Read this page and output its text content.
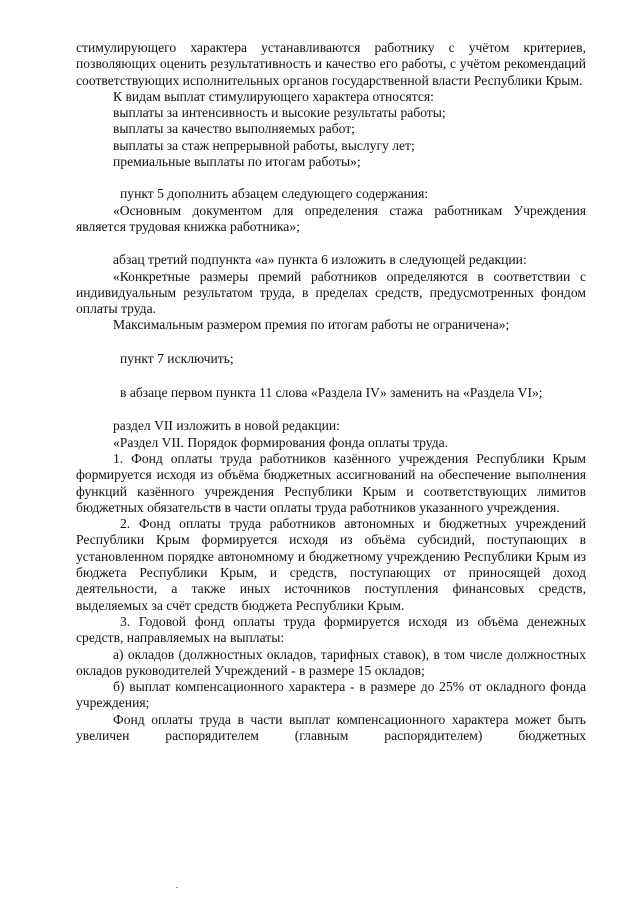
стимулирующего характера устанавливаются работнику с учётом критериев, позволяющих оценить результативность и качество его работы, с учётом рекомендаций соответствующих исполнительных органов государственной власти Республики Крым.

К видам выплат стимулирующего характера относятся:

выплаты за интенсивность и высокие результаты работы;

выплаты за качество выполняемых работ;

выплаты за стаж непрерывной работы, выслугу лет;

премиальные выплаты по итогам работы»;

пункт 5 дополнить абзацем следующего содержания:

«Основным документом для определения стажа работникам Учреждения является трудовая книжка работника»;

абзац третий подпункта «а» пункта 6 изложить в следующей редакции:

«Конкретные размеры премий работников определяются в соответствии с индивидуальным результатом труда, в пределах средств, предусмотренных фондом оплаты труда.

Максимальным размером премия по итогам работы не ограничена»;

пункт 7 исключить;

в абзаце первом пункта 11 слова «Раздела IV» заменить на «Раздела VI»;

раздел VII изложить в новой редакции:

«Раздел VII. Порядок формирования фонда оплаты труда.

1. Фонд оплаты труда работников казённого учреждения Республики Крым формируется исходя из объёма бюджетных ассигнований на обеспечение выполнения функций казённого учреждения Республики Крым и соответствующих лимитов бюджетных обязательств в части оплаты труда работников указанного учреждения.

2. Фонд оплаты труда работников автономных и бюджетных учреждений Республики Крым формируется исходя из объёма субсидий, поступающих в установленном порядке автономному и бюджетному учреждению Республики Крым из бюджета Республики Крым, и средств, поступающих от приносящей доход деятельности, а также иных источников поступления финансовых средств, выделяемых за счёт средств бюджета Республики Крым.

3. Годовой фонд оплаты труда формируется исходя из объёма денежных средств, направляемых на выплаты:

а) окладов (должностных окладов, тарифных ставок), в том числе должностных окладов руководителей Учреждений - в размере 15 окладов;

б) выплат компенсационного характера - в размере до 25% от окладного фонда учреждения;

Фонд оплаты труда в части выплат компенсационного характера может быть увеличен распорядителем (главным распорядителем) бюджетных
